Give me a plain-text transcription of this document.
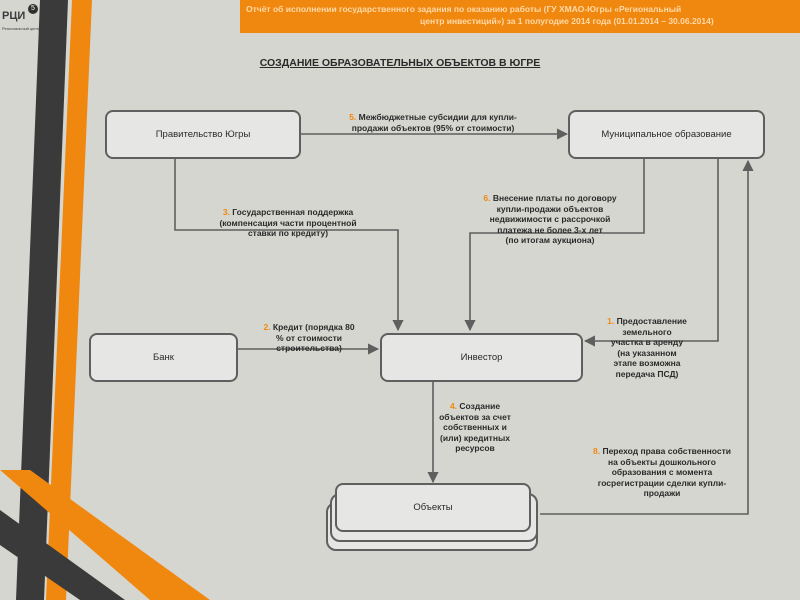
Отчёт об исполнении государственного задания по оказанию работы (ГУ ХМАО-Югры «Региональный
центр инвестиций») за 1 полугодие 2014 года (01.01.2014 – 30.06.2014)
РЦИ
5
Региональный центр инвестиций
СОЗДАНИЕ ОБРАЗОВАТЕЛЬНЫХ ОБЪЕКТОВ В ЮГРЕ
Правительство Югры	Муниципальное образование
Банк	Инвестор
Объекты
5. Межбюджетные субсидии для купли-
продажи объектов (95% от стоимости)
3. Государственная поддержка
(компенсация части процентной
ставки по кредиту)
6. Внесение платы по договору
купли-продажи объектов
недвижимости с рассрочкой
платежа не более 3-х лет
(по итогам аукциона)
1. Предоставление
земельного
участка в аренду
(на указанном
этапе возможна
передача ПСД)
2. Кредит (порядка 80
% от стоимости
строительства)
4. Создание
объектов за счет
собственных и
(или) кредитных
ресурсов	8. Переход права собственности
на объекты дошкольного
образования с момента
госрегистрации сделки купли-
продажи
